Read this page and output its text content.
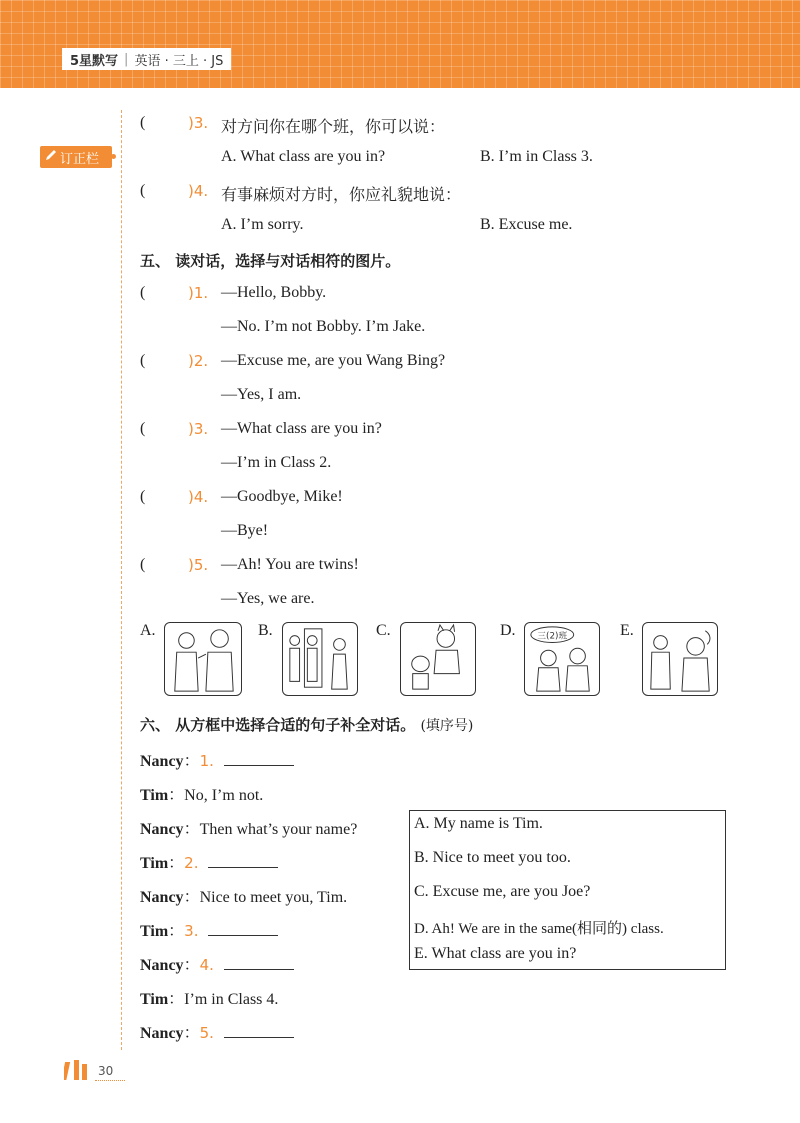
5星默写 | 英语 · 三上 · JS
订正栏
(	)3. 对方问你在哪个班，你可以说：
A. What class are you in?	B. I’m in Class 3.
(	)4. 有事麻烦对方时，你应礼貌地说：
A. I’m sorry.	B. Excuse me.
五、 读对话，选择与对话相符的图片。
(	)1. —Hello, Bobby.
—No. I’m not Bobby. I’m Jake.
(	)2. —Excuse me, are you Wang Bing?
—Yes, I am.
(	)3. —What class are you in?
—I’m in Class 2.
(	)4. —Goodbye, Mike!
—Bye!
(	)5. —Ah! You are twins!
—Yes, we are.
A.	B.	C.	D. 三(2)班	E.
六、 从方框中选择合适的句子补全对话。 (填序号)
Nancy：1.
Tim：No, I’m not.
Nancy：Then what’s your name?
Tim：2.
Nancy：Nice to meet you, Tim.
Tim：3.
Nancy：4.
Tim：I’m in Class 4.
Nancy：5.
A. My name is Tim.
B. Nice to meet you too.
C. Excuse me, are you Joe?
D. Ah! We are in the same(相同的) class.
E. What class are you in?
30
